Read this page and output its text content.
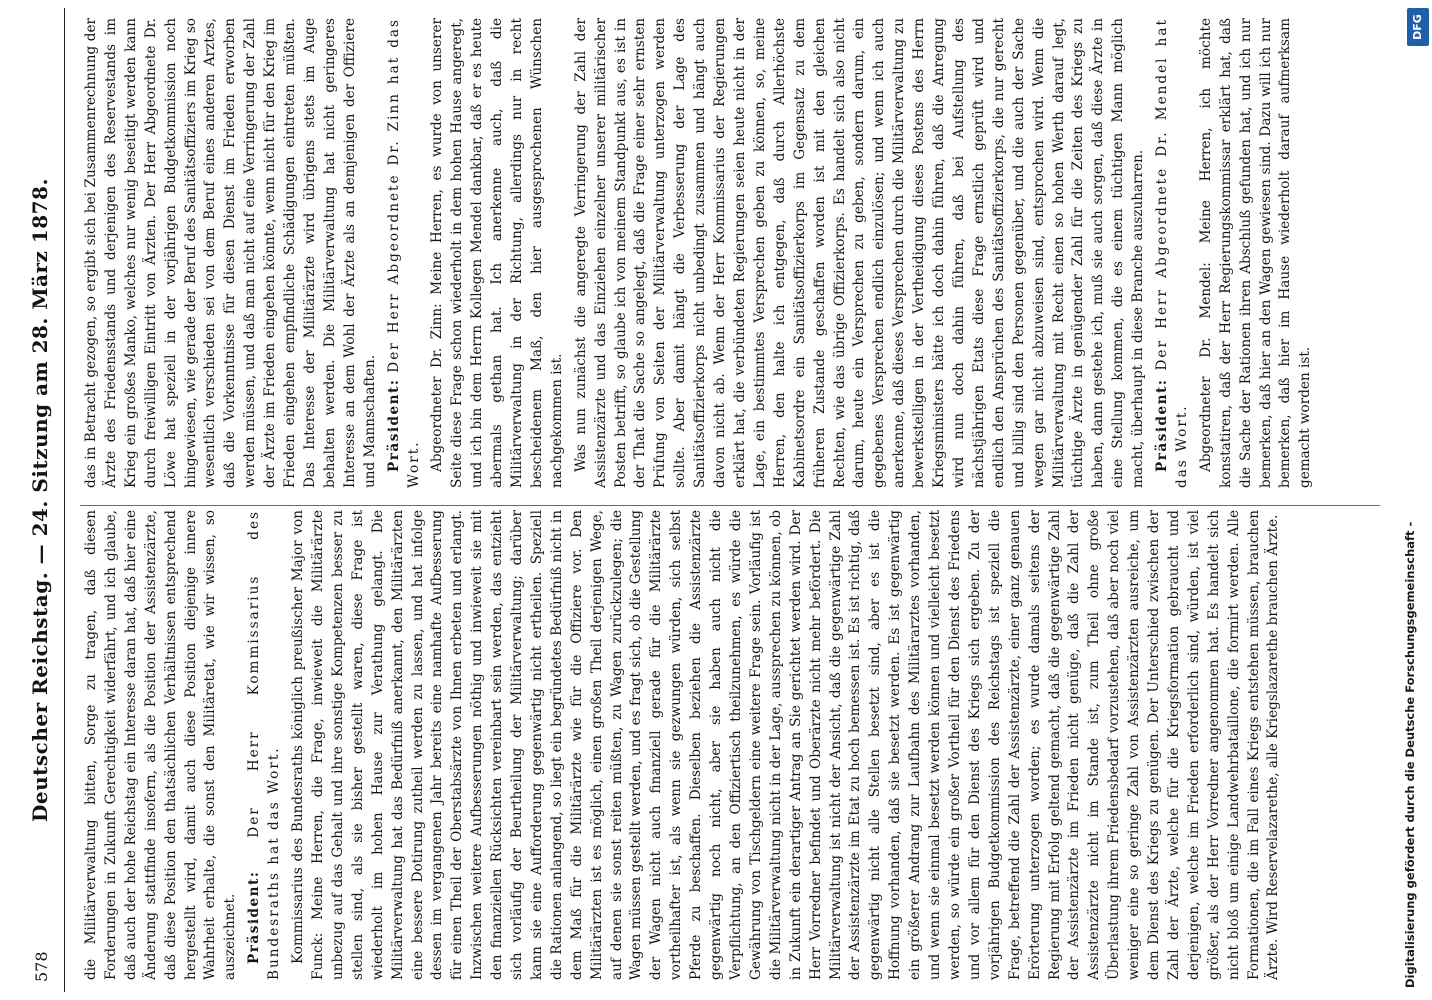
578
Deutscher Reichstag. — 24. Sitzung am 28. März 1878. die Militärverwaltung bitten, Sorge zu tragen, daß diesen Forderungen in Zukunft Gerechtigkeit widerfährt, und ich glaube, daß auch der hohe Reichstag ein Interesse daran hat, daß hier eine Änderung stattfinde insofern, als die Position der Assistenzärzte, daß diese Position den thatsächlichen Verhältnissen entsprechend hergestellt wird, damit auch diese Position diejenige innere Wahrheit erhalte, die sonst den Militäretat, wie wir wissen, so auszeichnet. Präsident: Der Herr Kommissarius des Bundesraths hat das Wort. Kommissarius des Bundesraths königlich preußischer Major von Funck: Meine Herren, die Frage, inwieweit die Militärärzte unbezug auf das Gehalt und ihre sonstige Kompetenzen besser zu stellen sind, als sie bisher gestellt waren, diese Frage ist wiederholt im hohen Hause zur Verathung gelangt. Die Militärverwaltung hat das Bedürfniß anerkannt, den Militärärzten eine bessere Dotirung zutheil werden zu lassen, und hat infolge dessen im vergangenen Jahr bereits eine namhafte Aufbesserung für einen Theil der Oberstabsärzte von Ihnen erbeten und erlangt. Inzwischen weitere Aufbesserungen nöthig und inwieweit sie mit den finanziellen Rücksichten vereinbart sein werden, das entzieht sich vorläufig der Beurtheilung der Militärverwaltung; darüber kann sie eine Aufforderung gegenwärtig nicht ertheilen. Speziell die Rationen anlangend, so liegt ein begründetes Bedürfniß nicht in dem Maß für die Militärärzte wie für die Offiziere vor. Den Militärärzten ist es möglich, einen großen Theil derjenigen Wege, auf denen sie sonst reiten müßten, zu Wagen zurückzulegen; die Wagen müssen gestellt werden, und es fragt sich, ob die Gestellung der Wagen nicht auch finanziell gerade für die Militärärzte vortheilhafter ist, als wenn sie gezwungen würden, sich selbst Pferde zu beschaffen. Dieselben beziehen die Assistenzärzte gegenwärtig noch nicht, aber sie haben auch nicht die Verpflichtung, an den Offiziertisch theilzunehmen, es würde die Gewährung von Tischgeldern eine weitere Frage sein. Vorläufig ist die Militärverwaltung nicht in der Lage, aussprechen zu können, ob in Zukunft ein derartiger Antrag an Sie gerichtet werden wird. Der Herr Vorredner befindet und Oberärzte nicht mehr befördert. Die Militärverwaltung ist nicht der Ansicht, daß die gegenwärtige Zahl der Assistenzärzte im Etat zu hoch bemessen ist. Es ist richtig, daß gegenwärtig nicht alle Stellen besetzt sind, aber es ist die Hoffnung vorhanden, daß sie besetzt werden. Es ist gegenwärtig ein größerer Andrang zur Laufbahn des Militärarztes vorhanden, und wenn sie einmal besetzt werden können und vielleicht besetzt werden, so würde ein großer Vortheil für den Dienst des Friedens und vor allem für den Dienst des Kriegs sich ergeben. Zu der vorjährigen Budgetkommission des Reichstags ist speziell die Frage, betreffend die Zahl der Assistenzärzte, einer ganz genauen Erörterung unterzogen worden; es wurde damals seitens der Regierung mit Erfolg geltend gemacht, daß die gegenwärtige Zahl der Assistenzärzte im Frieden nicht genüge, daß die Zahl der Assistenzärzte nicht im Stande ist, zum Theil ohne große Überlastung ihrem Friedensbedarf vorzustehen, daß aber noch viel weniger eine so geringe Zahl von Assistenzärzten ausreiche, um dem Dienst des Kriegs zu genügen. Der Unterschied zwischen der Zahl der Ärzte, welche für die Kriegsformation gebraucht und derjenigen, welche im Frieden erforderlich sind, würden, ist viel größer, als der Herr Vorredner angenommen hat. Es handelt sich nicht bloß um einige Landwehrbataillone, die formirt werden. Alle Formationen, die im Fall eines Kriegs entstehen müssen, brauchen Ärzte. Wird Reservelazarethe, alle Kriegslazarethe brauchen Ärzte.

das in Betracht gezogen, so ergibt sich bei Zusammenrechnung der Ärzte des Friedensstands und derjenigen des Reservestands im Krieg ein großes Manko, welches nur wenig beseitigt werden kann durch freiwilligen Eintritt von Ärzten. Der Herr Abgeordnete Dr. Löwe hat speziell in der vorjährigen Budgetkommission noch hingewiesen, wie gerade der Beruf des Sanitätsoffiziers im Krieg so wesentlich verschieden sei von dem Beruf eines anderen Arztes, daß die Vorkenntnisse für diesen Dienst im Frieden erworben werden müssen, und daß man nicht auf eine Verringerung der Zahl der Ärzte im Frieden eingehen könnte, wenn nicht für den Krieg im Frieden eingehen empfindliche Schädigungen eintreten müßten. Das Interesse der Militärärzte wird übrigens stets im Auge behalten werden. Die Militärverwaltung hat nicht geringeres Interesse an dem Wohl der Ärzte als an demjenigen der Offiziere und Mannschaften. Präsident: Der Herr Abgeordnete Dr. Zinn hat das Wort. Abgeordneter Dr. Zinn: Meine Herren, es wurde von unserer Seite diese Frage schon wiederholt in dem hohen Hause angeregt, und ich bin dem Herrn Kollegen Mendel dankbar, daß er es heute abermals gethan hat. Ich anerkenne auch, daß die Militärverwaltung in der Richtung, allerdings nur in recht bescheidenem Maß, den hier ausgesprochenen Wünschen nachgekommen ist. Was nun zunächst die angeregte Verringerung der Zahl der Assistenzärzte und das Einziehen einzelner unserer militärischer Posten betrifft, so glaube ich von meinem Standpunkt aus, es ist in der That die Sache so angelegt, daß die Frage einer sehr ernsten Prüfung von Seiten der Militärverwaltung unterzogen werden sollte. Aber damit hängt die Verbesserung der Lage des Sanitätsoffizierkorps nicht unbedingt zusammen und hängt auch davon nicht ab. Wenn der Herr Kommissarius der Regierungen erklärt hat, die verbündeten Regierungen seien heute nicht in der Lage, ein bestimmtes Versprechen geben zu können, so, meine Herren, den halte ich entgegen, daß durch Allerhöchste Kabinetsordre ein Sanitätsoffizierkorps im Gegensatz zu dem früheren Zustande geschaffen worden ist mit den gleichen Rechten, wie das übrige Offizierkorps. Es handelt sich also nicht darum, heute ein Versprechen zu geben, sondern darum, ein gegebenes Versprechen endlich einzulösen; und wenn ich auch anerkenne, daß dieses Versprechen durch die Militärverwaltung zu bewerkstelligen in der Vertheidigung dieses Postens des Herrn Kriegsministers hätte ich doch dahin führen, daß die Anregung wird nun doch dahin führen, daß bei Aufstellung des nächstjährigen Etats diese Frage ernstlich geprüft wird und endlich den Ansprüchen des Sanitätsoffizierkorps, die nur gerecht und billig sind den Personen gegenüber, und die auch der Sache wegen gar nicht abzuweisen sind, entsprochen wird. Wenn die Militärverwaltung mit Recht einen so hohen Werth darauf legt, tüchtige Ärzte in genügender Zahl für die Zeiten des Kriegs zu haben, dann gestehe ich, muß sie auch sorgen, daß diese Ärzte in eine Stellung kommen, die es einem tüchtigen Mann möglich macht, überhaupt in diese Branche auszuharren. Präsident: Der Herr Abgeordnete Dr. Mendel hat das Wort. Abgeordneter Dr. Mendel: Meine Herren, ich möchte konstatiren, daß der Herr Regierungskommissar erklärt hat, daß die Sache der Rationen ihren Abschluß gefunden hat, und ich nur bemerken, daß hier an den Wagen gewiesen sind. Dazu will ich nur bemerken, daß hier im Hause wiederholt darauf aufmerksam gemacht worden ist.

Digitalisierung gefördert durch die Deutsche Forschungsgemeinschaft -
DFG
